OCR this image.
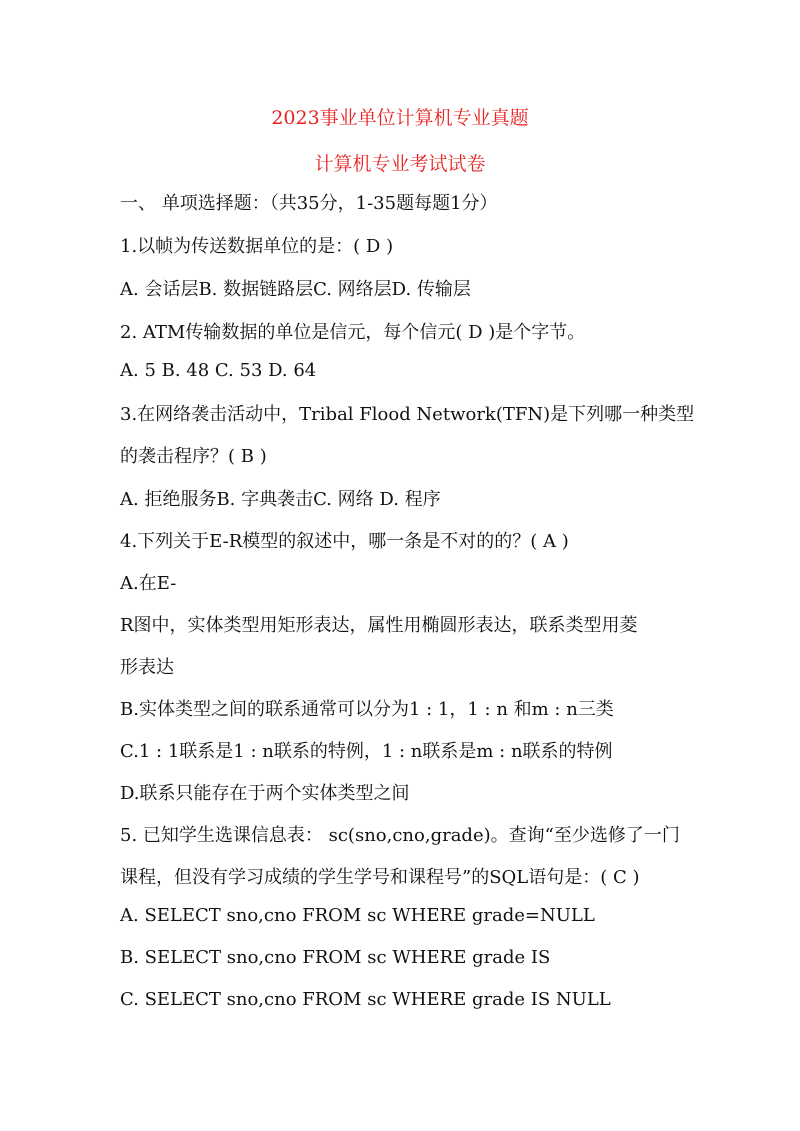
2023事业单位计算机专业真题
计算机专业考试试卷
一、 单项选择题：（共35分，1-35题每题1分）
1.以帧为传送数据单位的是：( D )
A. 会话层B. 数据链路层C. 网络层D. 传输层
2. ATM传输数据的单位是信元，每个信元( D )是个字节。
A. 5 B. 48 C. 53 D. 64
3.在网络袭击活动中，Tribal Flood Network(TFN)是下列哪一种类型
的袭击程序？( B )
A. 拒绝服务B. 字典袭击C. 网络 D. 程序
4.下列关于E-R模型的叙述中，哪一条是不对的的？( A )
A.在E-
R图中，实体类型用矩形表达，属性用椭圆形表达，联系类型用菱
形表达
B.实体类型之间的联系通常可以分为1 : 1，1 : n 和m : n三类
C.1 : 1联系是1 : n联系的特例，1 : n联系是m : n联系的特例
D.联系只能存在于两个实体类型之间
5. 已知学生选课信息表： sc(sno,cno,grade)。查询“至少选修了一门
课程，但没有学习成绩的学生学号和课程号”的SQL语句是：( C )
A. SELECT sno,cno FROM sc WHERE grade=NULL
B. SELECT sno,cno FROM sc WHERE grade IS
C. SELECT sno,cno FROM sc WHERE grade IS NULL
